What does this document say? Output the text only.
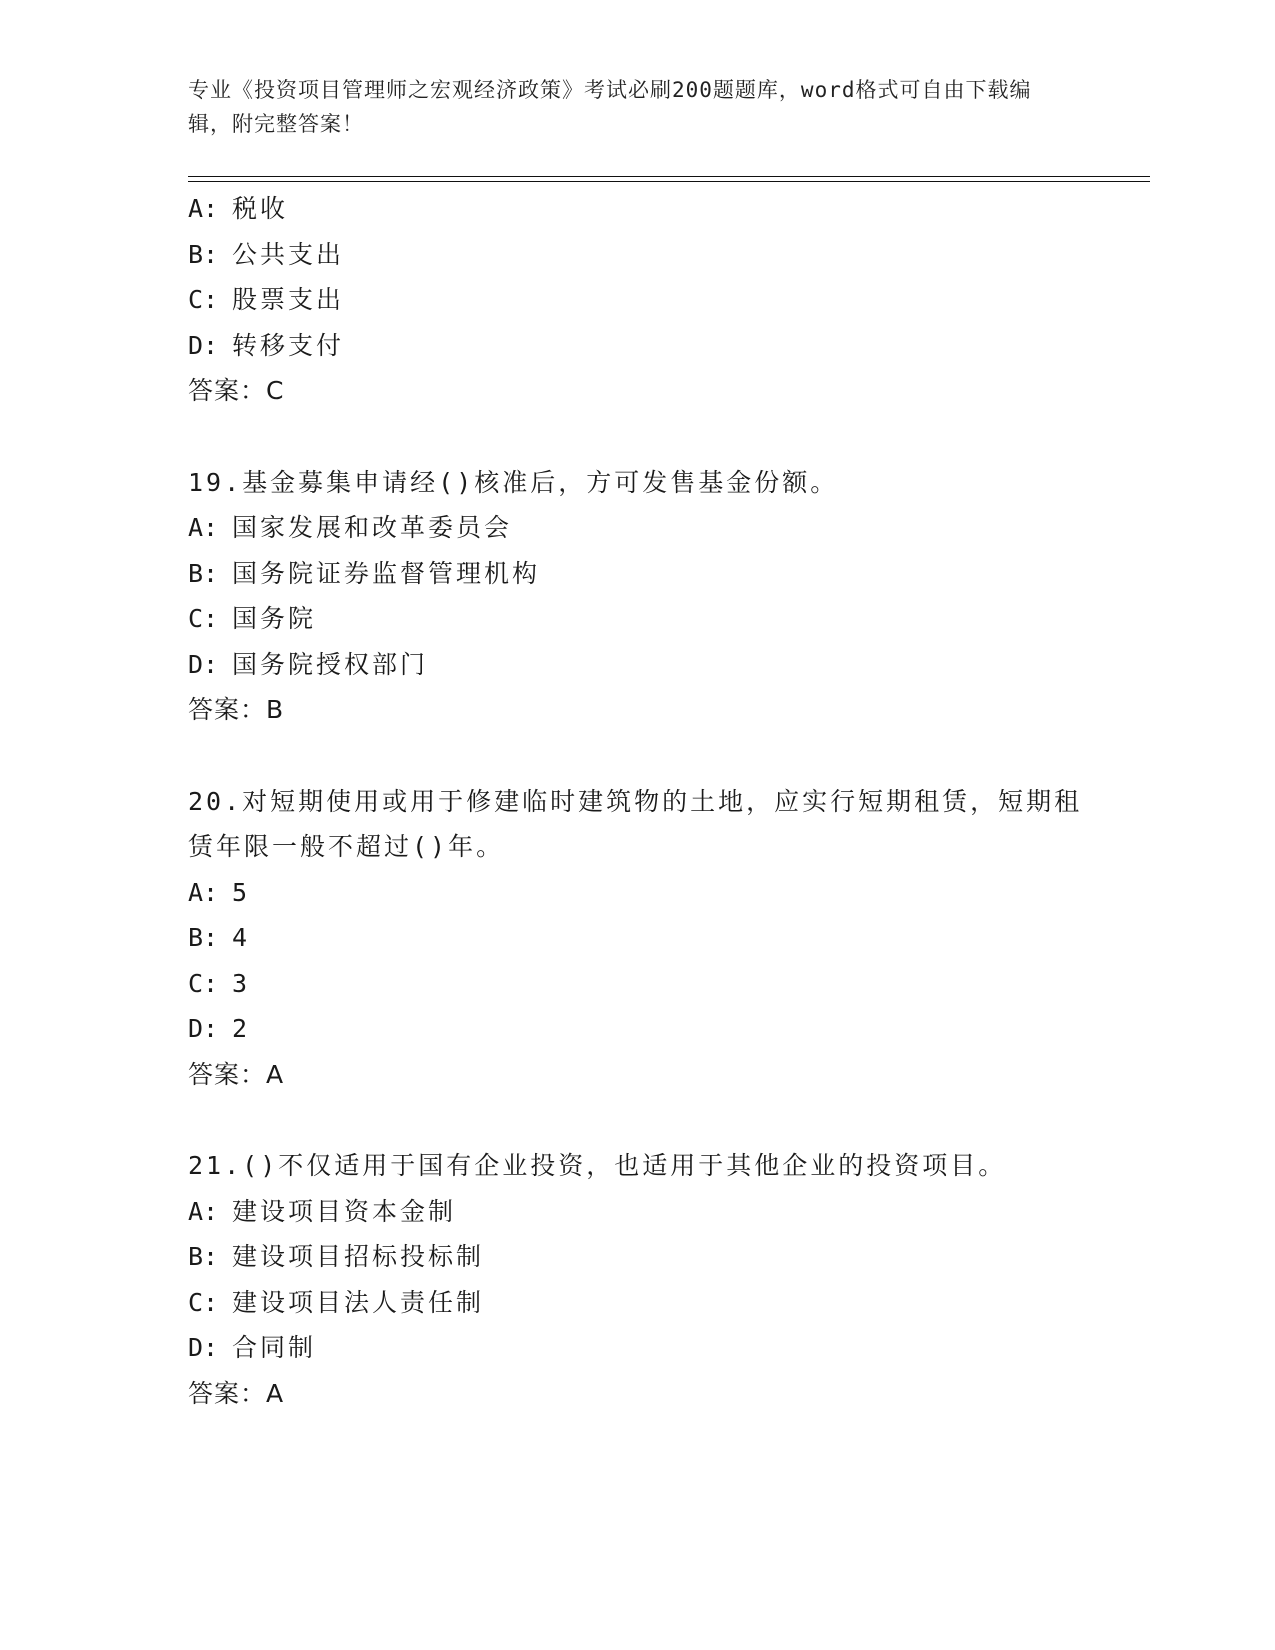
专业《投资项目管理师之宏观经济政策》考试必刷200题题库，word格式可自由下载编辑，附完整答案！
A: 税收
B: 公共支出
C: 股票支出
D: 转移支付
答案：C
19.基金募集申请经()核准后，方可发售基金份额。
A: 国家发展和改革委员会
B: 国务院证券监督管理机构
C: 国务院
D: 国务院授权部门
答案：B
20.对短期使用或用于修建临时建筑物的土地，应实行短期租赁，短期租赁年限一般不超过()年。
A: 5
B: 4
C: 3
D: 2
答案：A
21.()不仅适用于国有企业投资，也适用于其他企业的投资项目。
A: 建设项目资本金制
B: 建设项目招标投标制
C: 建设项目法人责任制
D: 合同制
答案：A
